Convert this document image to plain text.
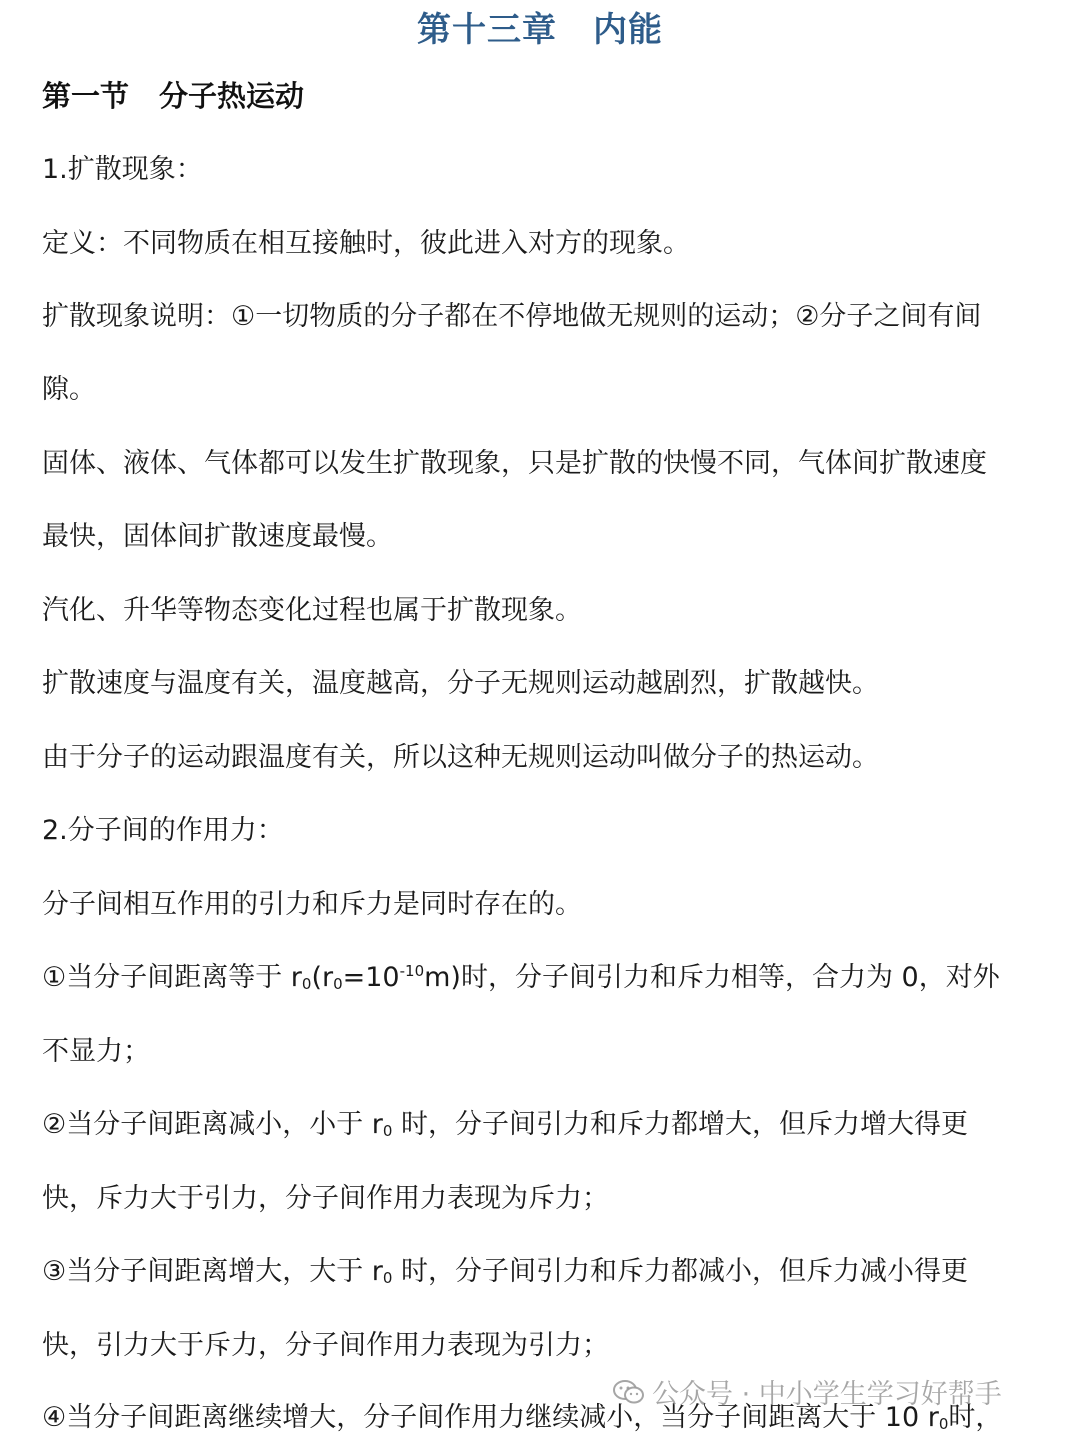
第十三章 内能
第一节 分子热运动
1.扩散现象：
定义：不同物质在相互接触时，彼此进入对方的现象。
扩散现象说明：①一切物质的分子都在不停地做无规则的运动；②分子之间有间
隙。
固体、液体、气体都可以发生扩散现象，只是扩散的快慢不同，气体间扩散速度
最快，固体间扩散速度最慢。
汽化、升华等物态变化过程也属于扩散现象。
扩散速度与温度有关，温度越高，分子无规则运动越剧烈，扩散越快。
由于分子的运动跟温度有关，所以这种无规则运动叫做分子的热运动。
2.分子间的作用力：
分子间相互作用的引力和斥力是同时存在的。
①当分子间距离等于 $r_0(r_0=10^{-10}m)$时，分子间引力和斥力相等，合力为 0，对外
不显力；
②当分子间距离减小，小于 $r_0$ 时，分子间引力和斥力都增大，但斥力增大得更
快，斥力大于引力，分子间作用力表现为斥力；
③当分子间距离增大，大于 $r_0$ 时，分子间引力和斥力都减小，但斥力减小得更
快，引力大于斥力，分子间作用力表现为引力；
④当分子间距离继续增大，分子间作用力继续减小，当分子间距离大于 10 $r_0$时，
公众号 · 中小学生学习好帮手
